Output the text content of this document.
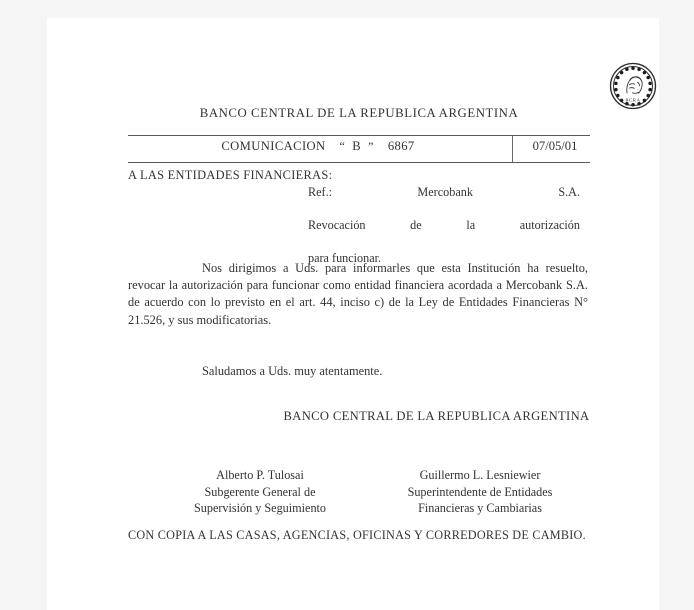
BCRA
BANCO CENTRAL DE LA REPUBLICA ARGENTINA
COMUNICACION “ B ” 6867	07/05/01
A LAS ENTIDADES FINANCIERAS:
Ref.:	Mercobank	S.A.
Revocación de la autorización
para funcionar.
Nos dirigimos a Uds. para informarles que esta Institución ha resuelto, revocar la autorización para funcionar como entidad financiera acordada a Mercobank S.A. de acuerdo con lo previsto en el art. 44, inciso c) de la Ley de Entidades Financieras N° 21.526, y sus modificatorias.
Saludamos a Uds. muy atentamente.
BANCO CENTRAL DE LA REPUBLICA ARGENTINA
Alberto P. Tulosai
Subgerente General de
Supervisión y Seguimiento
Guillermo L. Lesniewier
Superintendente de Entidades
Financieras y Cambiarias
CON COPIA A LAS CASAS, AGENCIAS, OFICINAS Y CORREDORES DE CAMBIO.
